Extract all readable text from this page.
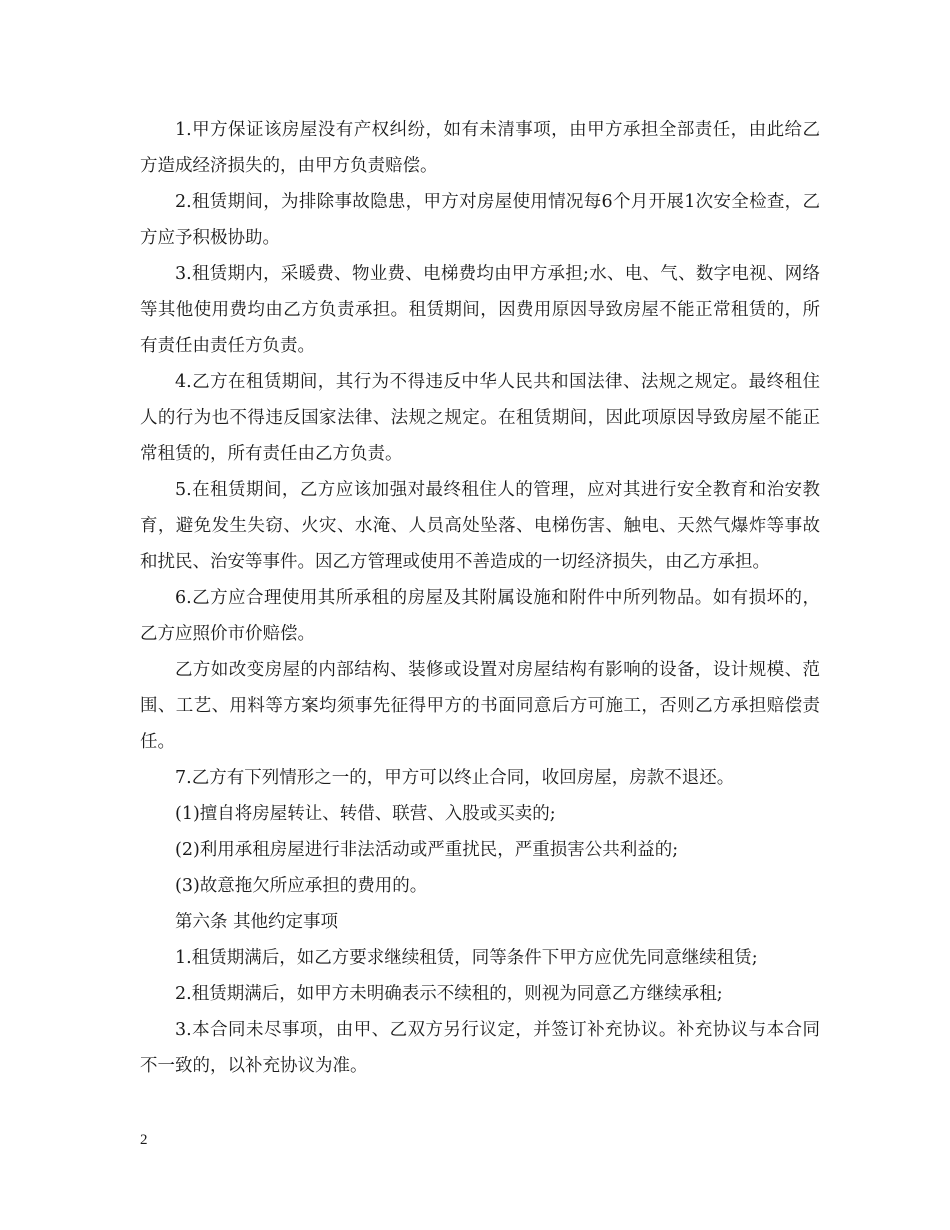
1.甲方保证该房屋没有产权纠纷，如有未清事项，由甲方承担全部责任，由此给乙方造成经济损失的，由甲方负责赔偿。

2.租赁期间，为排除事故隐患，甲方对房屋使用情况每6个月开展1次安全检查，乙方应予积极协助。

3.租赁期内，采暖费、物业费、电梯费均由甲方承担;水、电、气、数字电视、网络等其他使用费均由乙方负责承担。租赁期间，因费用原因导致房屋不能正常租赁的，所有责任由责任方负责。

4.乙方在租赁期间，其行为不得违反中华人民共和国法律、法规之规定。最终租住人的行为也不得违反国家法律、法规之规定。在租赁期间，因此项原因导致房屋不能正常租赁的，所有责任由乙方负责。

5.在租赁期间，乙方应该加强对最终租住人的管理，应对其进行安全教育和治安教育，避免发生失窃、火灾、水淹、人员高处坠落、电梯伤害、触电、天然气爆炸等事故和扰民、治安等事件。因乙方管理或使用不善造成的一切经济损失，由乙方承担。

6.乙方应合理使用其所承租的房屋及其附属设施和附件中所列物品。如有损坏的，乙方应照价市价赔偿。

乙方如改变房屋的内部结构、装修或设置对房屋结构有影响的设备，设计规模、范围、工艺、用料等方案均须事先征得甲方的书面同意后方可施工，否则乙方承担赔偿责任。

7.乙方有下列情形之一的，甲方可以终止合同，收回房屋，房款不退还。

(1)擅自将房屋转让、转借、联营、入股或买卖的;

(2)利用承租房屋进行非法活动或严重扰民，严重损害公共利益的;

(3)故意拖欠所应承担的费用的。

第六条 其他约定事项

1.租赁期满后，如乙方要求继续租赁，同等条件下甲方应优先同意继续租赁;

2.租赁期满后，如甲方未明确表示不续租的，则视为同意乙方继续承租;

3.本合同未尽事项，由甲、乙双方另行议定，并签订补充协议。补充协议与本合同不一致的，以补充协议为准。

2
